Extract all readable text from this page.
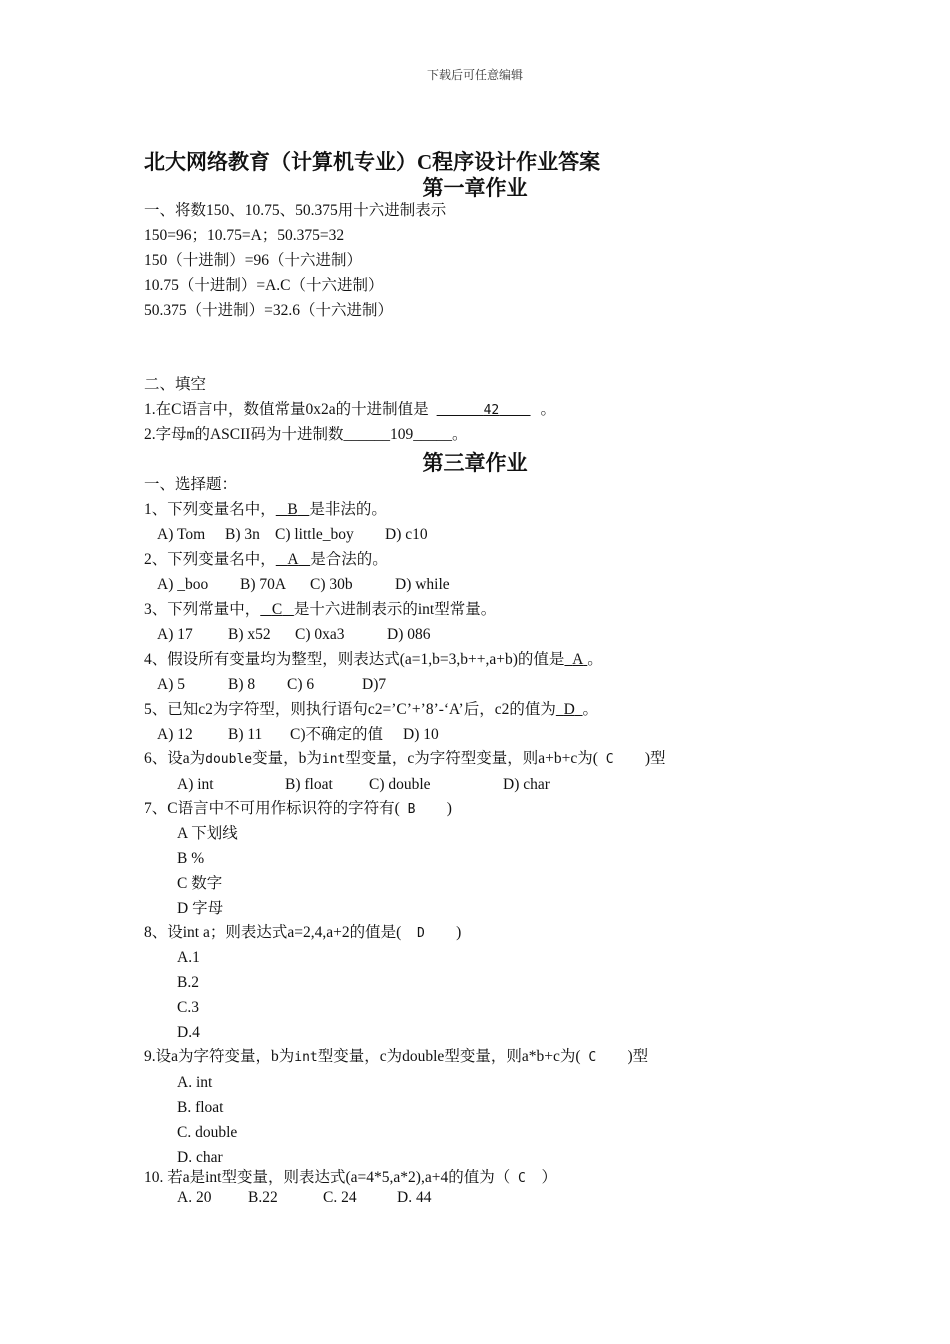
下载后可任意编辑
北大网络教育（计算机专业）C程序设计作业答案
第一章作业
一、将数150、10.75、50.375用十六进制表示
150=96；10.75=A；50.375=32
150（十进制）=96（十六进制）
10.75（十进制）=A.C（十六进制）
50.375（十进制）=32.6（十六进制）
二、填空
1.在C语言中，数值常量0x2a的十进制值是	42	。
2.字母m的ASCII码为十进制数______109_____。
第三章作业
一、选择题：
1、下列变量名中， B 是非法的。
A) Tom B) 3n C) little_boy D) c10
2、下列变量名中， A 是合法的。
A) _boo B) 70A C) 30b	D) while
3、下列常量中， C 是十六进制表示的int型常量。
A) 17 B) x52 C) 0xa3	D) 086
4、假设所有变量均为整型，则表达式(a=1,b=3,b++,a+b)的值是 A 。
A) 5	B) 8 C) 6	D)7
5、已知c2为字符型，则执行语句c2=’C’+’8’-‘A’后，c2的值为 D 。
A) 12 B) 11 C)不确定的值 D) 10
6、设a为double变量，b为int型变量，c为字符型变量，则a+b+c为( C )型
A) int	B) float C) double	D) char
7、C语言中不可用作标识符的字符有( B )
A 下划线
B %
C 数字
D 字母
8、设int a；则表达式a=2,4,a+2的值是( D )
A.1
B.2
C.3
D.4
9.设a为字符变量，b为int型变量，c为double型变量，则a*b+c为( C )型
A. int
B. float
C. double
D. char
10. 若a是int型变量，则表达式(a=4*5,a*2),a+4的值为（ C ）
A. 20 B.22	C. 24	D. 44
